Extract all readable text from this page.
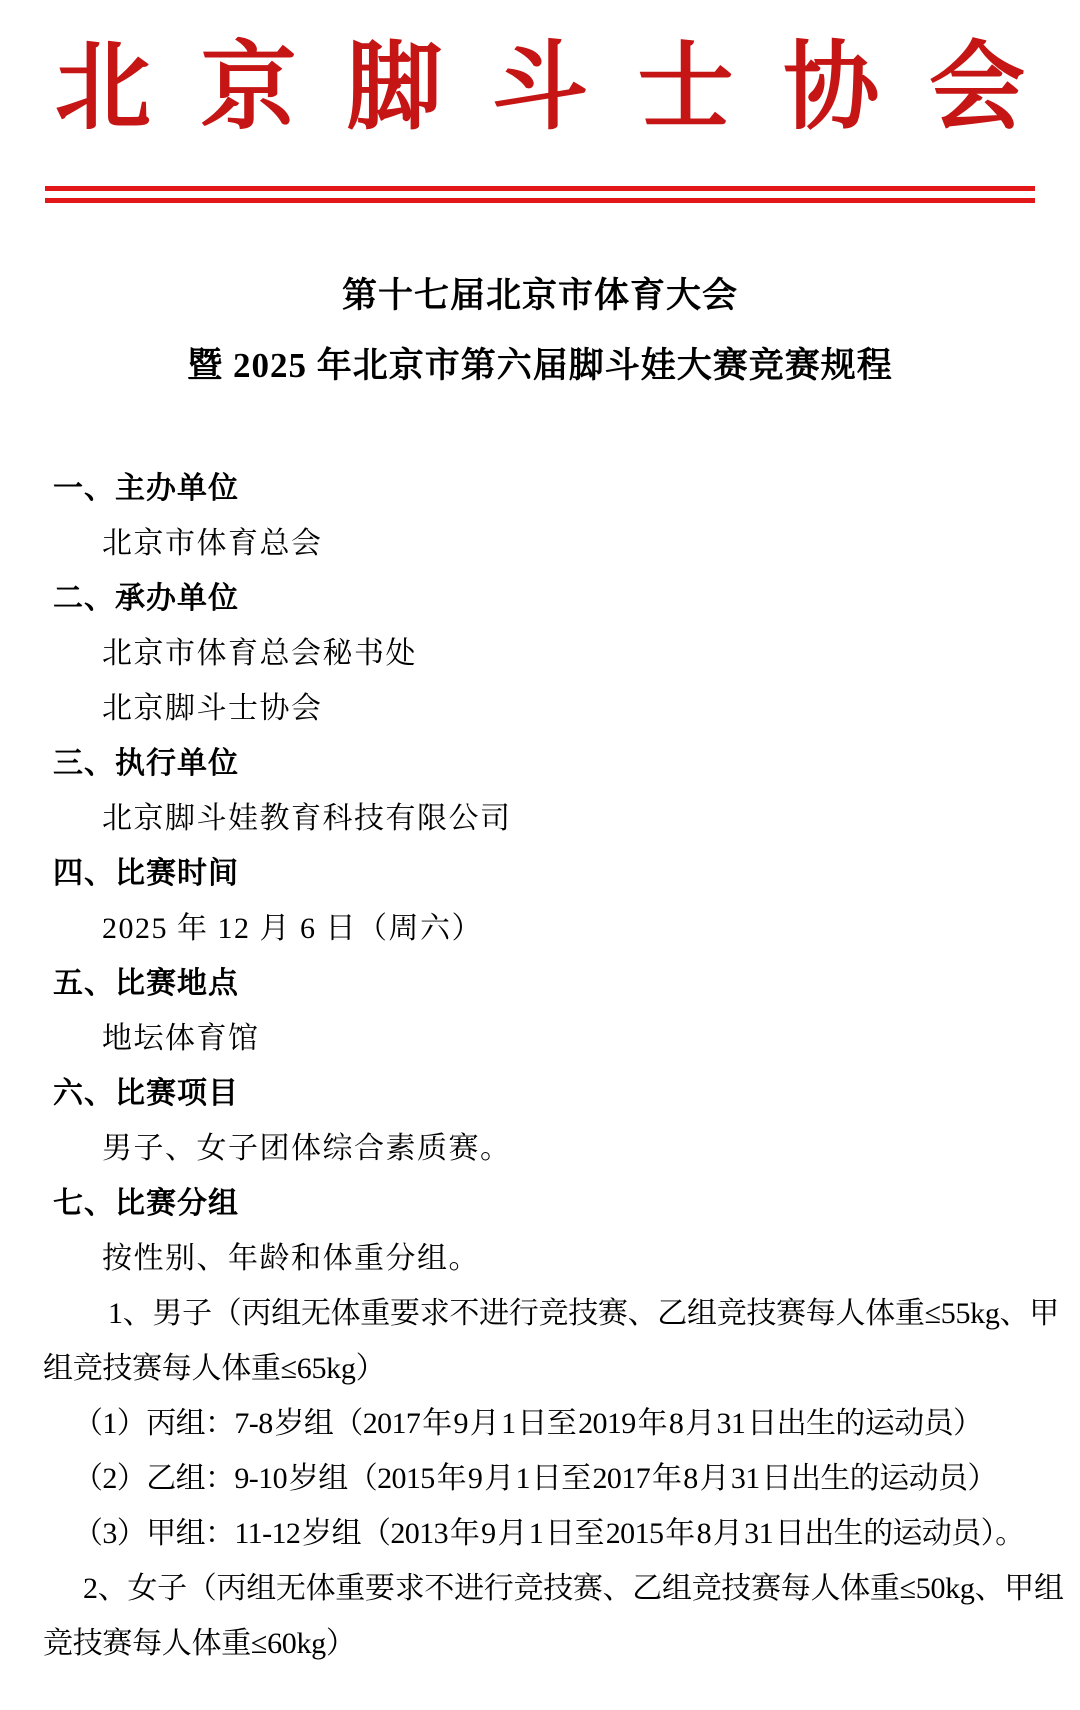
北 京 脚 斗 士 协 会
第十七届北京市体育大会
暨 2025 年北京市第六届脚斗娃大赛竞赛规程

一、主办单位

北京市体育总会

二、承办单位

北京市体育总会秘书处

北京脚斗士协会

三、执行单位

北京脚斗娃教育科技有限公司

四、比赛时间

2025 年 12 月 6 日（周六）

五、比赛地点

地坛体育馆

六、比赛项目

男子、女子团体综合素质赛。

七、比赛分组

按性别、年龄和体重分组。

1、男子（丙组无体重要求不进行竞技赛、乙组竞技赛每人体重≤55kg、甲

组竞技赛每人体重≤65kg）

（1）丙组：7-8 岁组（2017 年 9 月 1 日至 2019 年 8 月 31 日出生的运动员）

（2）乙组：9-10 岁组（2015 年 9 月 1 日至 2017 年 8 月 31 日出生的运动员）

（3）甲组：11-12 岁组（2013 年 9 月 1 日至 2015 年 8 月 31 日出生的运动员）。

2、女子（丙组无体重要求不进行竞技赛、乙组竞技赛每人体重≤50kg、甲组

竞技赛每人体重≤60kg）
